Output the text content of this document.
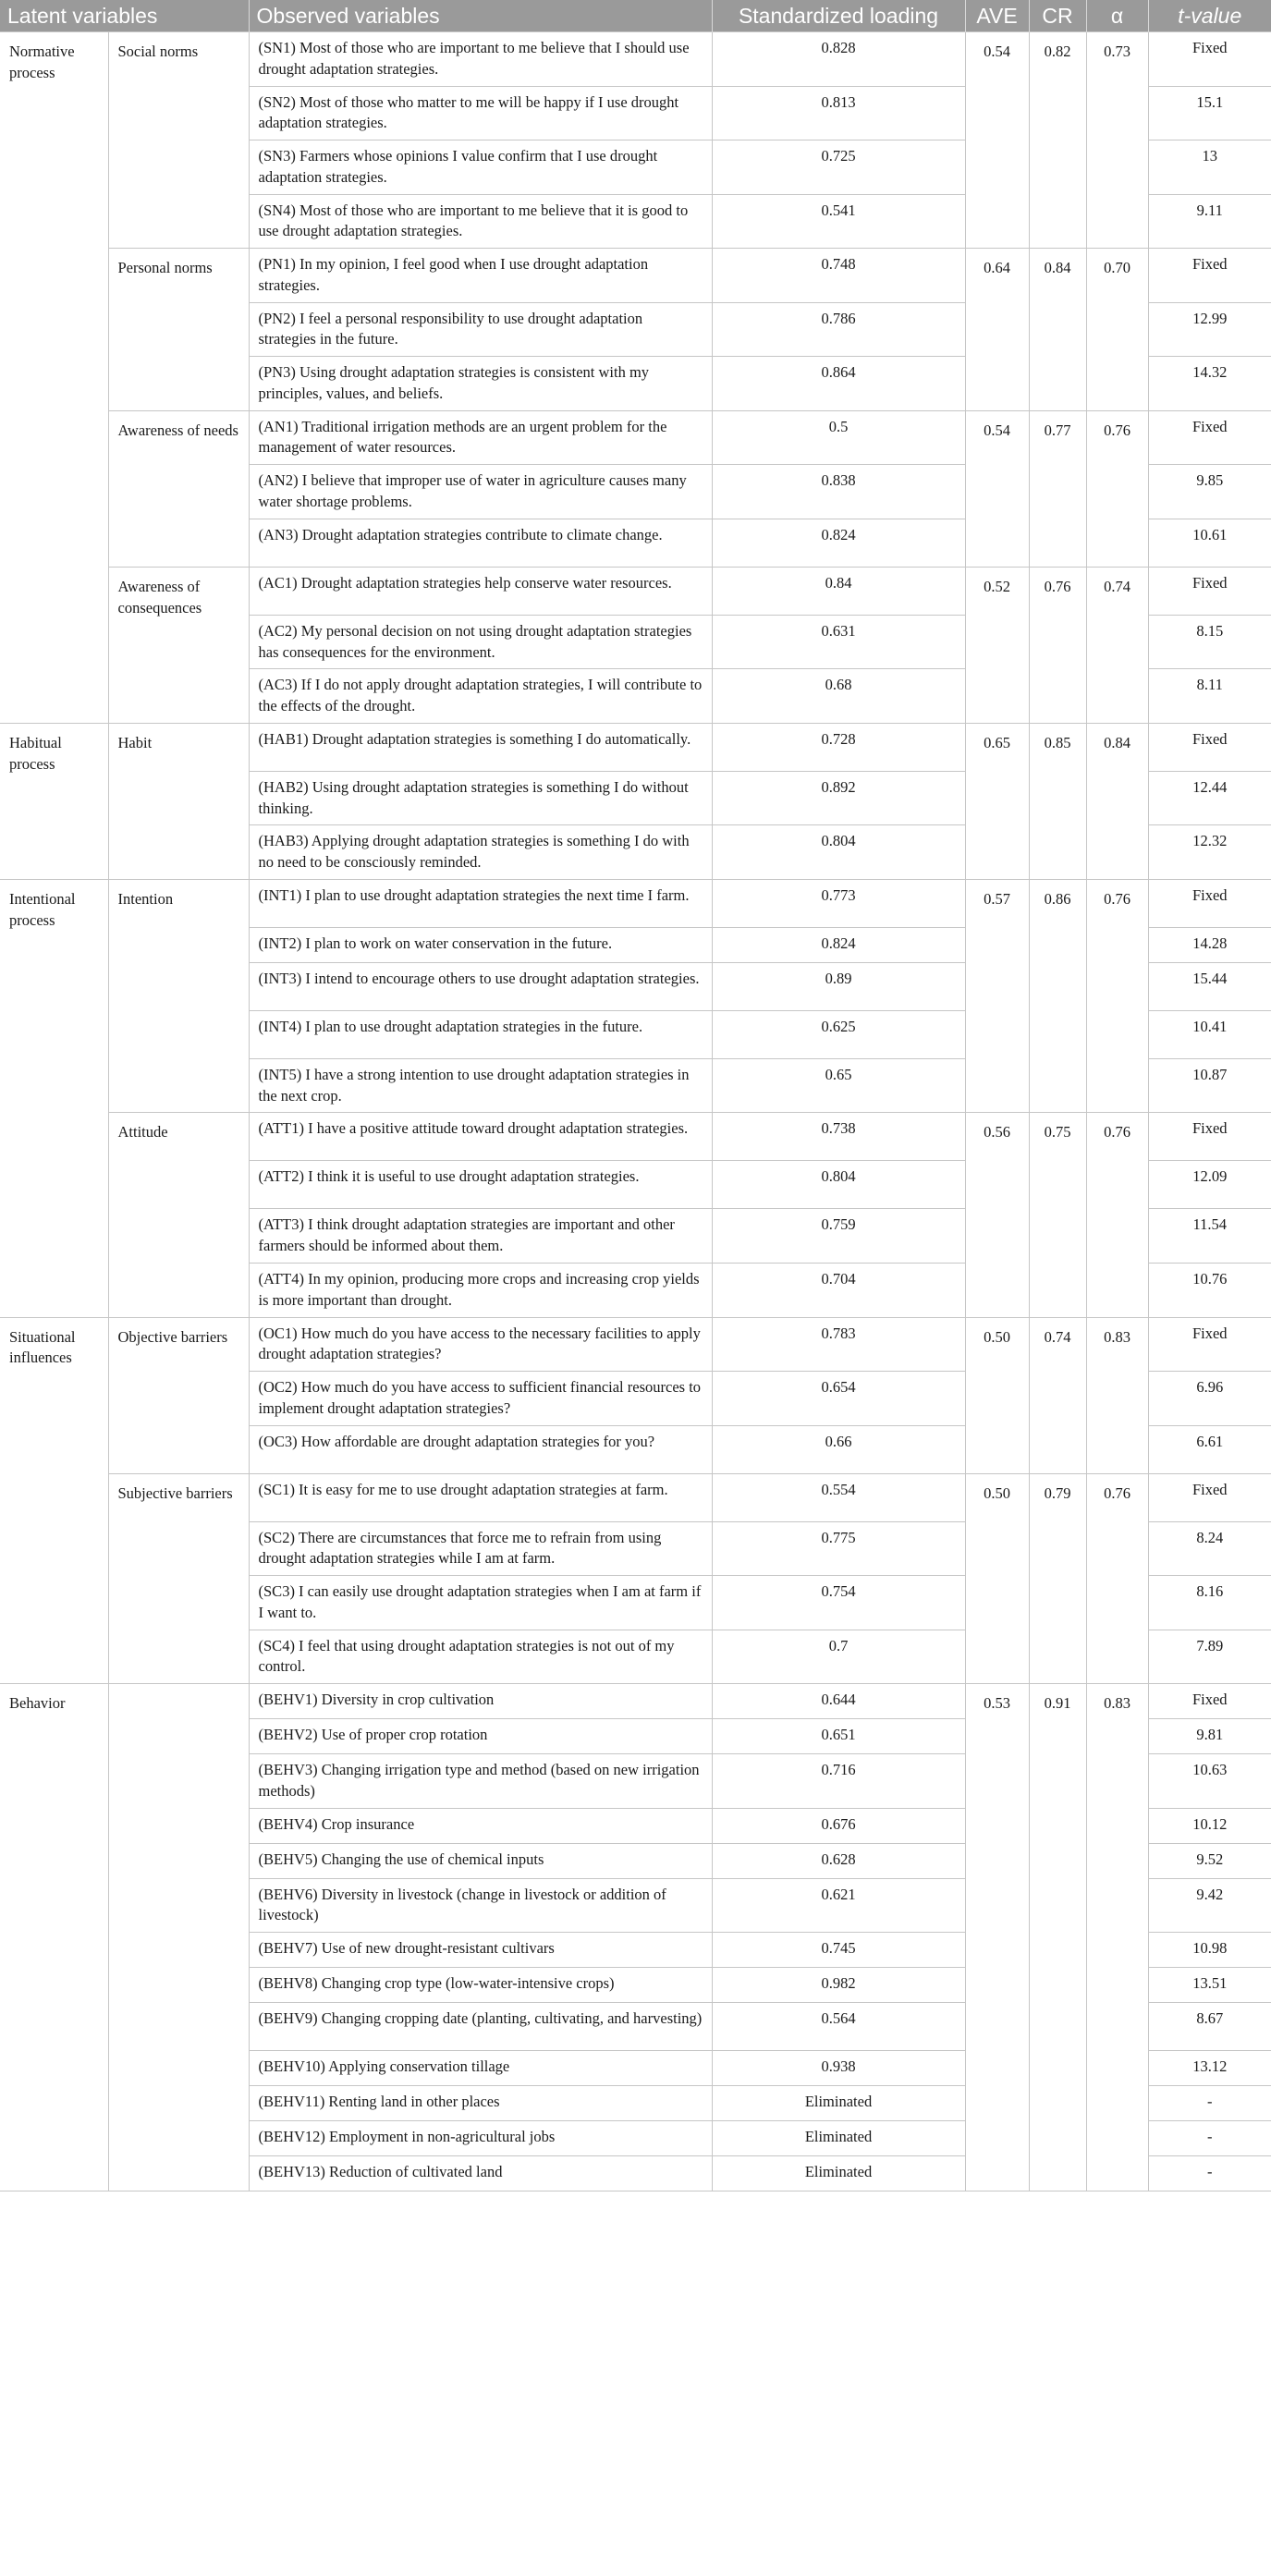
Latent variables		Observed variables	Standardized loading	AVE	CR	α	t-value
Normative process	Social norms	(SN1) Most of those who are important to me believe that I should use drought adaptation strategies.	0.828	0.54	0.82	0.73	Fixed
		(SN2) Most of those who matter to me will be happy if I use drought adaptation strategies.	0.813				15.1
		(SN3) Farmers whose opinions I value confirm that I use drought adaptation strategies.	0.725				13
		(SN4) Most of those who are important to me believe that it is good to use drought adaptation strategies.	0.541				9.11
	Personal norms	(PN1) In my opinion, I feel good when I use drought adaptation strategies.	0.748	0.64	0.84	0.70	Fixed
		(PN2) I feel a personal responsibility to use drought adaptation strategies in the future.	0.786				12.99
		(PN3) Using drought adaptation strategies is consistent with my principles, values, and beliefs.	0.864				14.32
	Awareness of needs	(AN1) Traditional irrigation methods are an urgent problem for the management of water resources.	0.5	0.54	0.77	0.76	Fixed
		(AN2) I believe that improper use of water in agriculture causes many water shortage problems.	0.838				9.85
		(AN3) Drought adaptation strategies contribute to climate change.	0.824				10.61
	Awareness of consequences	(AC1) Drought adaptation strategies help conserve water resources.	0.84	0.52	0.76	0.74	Fixed
		(AC2) My personal decision on not using drought adaptation strategies has consequences for the environment.	0.631				8.15
		(AC3) If I do not apply drought adaptation strategies, I will contribute to the effects of the drought.	0.68				8.11
Habitual process	Habit	(HAB1) Drought adaptation strategies is something I do automatically.	0.728	0.65	0.85	0.84	Fixed
		(HAB2) Using drought adaptation strategies is something I do without thinking.	0.892				12.44
		(HAB3) Applying drought adaptation strategies is something I do with no need to be consciously reminded.	0.804				12.32
Intentional process	Intention	(INT1) I plan to use drought adaptation strategies the next time I farm.	0.773	0.57	0.86	0.76	Fixed
		(INT2) I plan to work on water conservation in the future.	0.824				14.28
		(INT3) I intend to encourage others to use drought adaptation strategies.	0.89				15.44
		(INT4) I plan to use drought adaptation strategies in the future.	0.625				10.41
		(INT5) I have a strong intention to use drought adaptation strategies in the next crop.	0.65				10.87
	Attitude	(ATT1) I have a positive attitude toward drought adaptation strategies.	0.738	0.56	0.75	0.76	Fixed
		(ATT2) I think it is useful to use drought adaptation strategies.	0.804				12.09
		(ATT3) I think drought adaptation strategies are important and other farmers should be informed about them.	0.759				11.54
		(ATT4) In my opinion, producing more crops and increasing crop yields is more important than drought.	0.704				10.76
Situational influences	Objective barriers	(OC1) How much do you have access to the necessary facilities to apply drought adaptation strategies?	0.783	0.50	0.74	0.83	Fixed
		(OC2) How much do you have access to sufficient financial resources to implement drought adaptation strategies?	0.654				6.96
		(OC3) How affordable are drought adaptation strategies for you?	0.66				6.61
	Subjective barriers	(SC1) It is easy for me to use drought adaptation strategies at farm.	0.554	0.50	0.79	0.76	Fixed
		(SC2) There are circumstances that force me to refrain from using drought adaptation strategies while I am at farm.	0.775				8.24
		(SC3) I can easily use drought adaptation strategies when I am at farm if I want to.	0.754				8.16
		(SC4) I feel that using drought adaptation strategies is not out of my control.	0.7				7.89
Behavior		(BEHV1) Diversity in crop cultivation	0.644	0.53	0.91	0.83	Fixed
		(BEHV2) Use of proper crop rotation	0.651				9.81
		(BEHV3) Changing irrigation type and method (based on new irrigation methods)	0.716				10.63
		(BEHV4) Crop insurance	0.676				10.12
		(BEHV5) Changing the use of chemical inputs	0.628				9.52
		(BEHV6) Diversity in livestock (change in livestock or addition of livestock)	0.621				9.42
		(BEHV7) Use of new drought-resistant cultivars	0.745				10.98
		(BEHV8) Changing crop type (low-water-intensive crops)	0.982				13.51
		(BEHV9) Changing cropping date (planting, cultivating, and harvesting)	0.564				8.67
		(BEHV10) Applying conservation tillage	0.938				13.12
		(BEHV11) Renting land in other places	Eliminated				-
		(BEHV12) Employment in non-agricultural jobs	Eliminated				-
		(BEHV13) Reduction of cultivated land	Eliminated				-
